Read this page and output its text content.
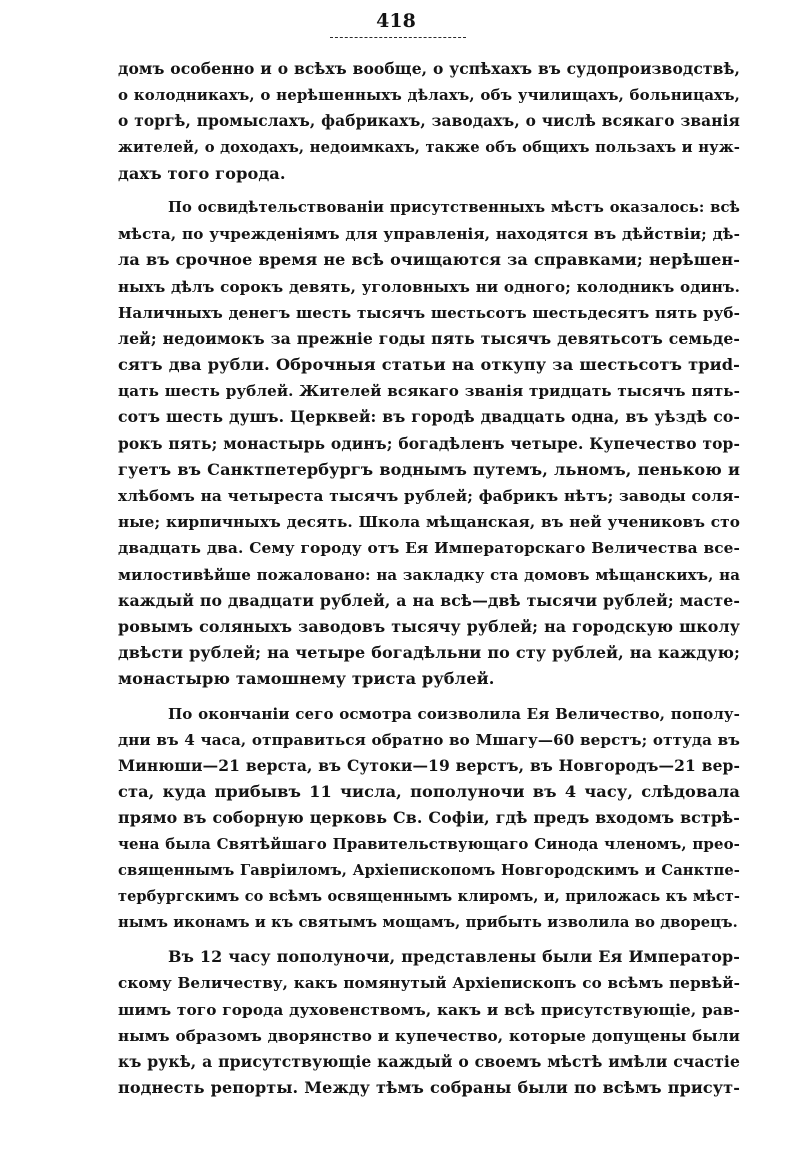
418
домъ особенно и о всѣхъ вообще, о успѣхахъ въ судопроизводствѣ,
о колодникахъ, о нерѣшенныхъ дѣлахъ, объ училищахъ, больницахъ,
о торгѣ, промыслахъ, фабрикахъ, заводахъ, о числѣ всякаго званія
жителей, о доходахъ, недоимкахъ, также объ общихъ пользахъ и нуж-
дахъ того города.
По освидѣтельствованіи присутственныхъ мѣстъ оказалось: всѣ
мѣста, по учрежденіямъ для управленія, находятся въ дѣйствіи; дѣ-
ла въ срочное время не всѣ очищаются за справками; нерѣшен-
ныхъ дѣлъ сорокъ девять, уголовныхъ ни одного; колодникъ одинъ.
Наличныхъ денегъ шесть тысячъ шестьсотъ шестьдесятъ пять руб-
лей; недоимокъ за прежніе годы пять тысячъ девятьсотъ семьде-
сятъ два рубли. Оброчныя статьи на откупу за шестьсотъ триd-
цать шесть рублей. Жителей всякаго званія тридцать тысячъ пять-
сотъ шесть душъ. Церквей: въ городѣ двадцать одна, въ уѣздѣ со-
рокъ пять; монастырь одинъ; богадѣленъ четыре. Купечество тор-
гуетъ въ Санктпетербургъ воднымъ путемъ, льномъ, пенькою и
хлѣбомъ на четыреста тысячъ рублей; фабрикъ нѣтъ; заводы соля-
ные; кирпичныхъ десять. Школа мѣщанская, въ ней учениковъ сто
двадцать два. Сему городу отъ Ея Императорскаго Величества все-
милостивѣйше пожаловано: на закладку ста домовъ мѣщанскихъ, на
каждый по двадцати рублей, а на всѣ—двѣ тысячи рублей; масте-
ровымъ соляныхъ заводовъ тысячу рублей; на городскую школу
двѣсти рублей; на четыре богадѣльни по сту рублей, на каждую;
монастырю тамошнему триста рублей.
По окончаніи сего осмотра соизволила Ея Величество, пополу-
дни въ 4 часа, отправиться обратно во Мшагу—60 верстъ; оттуда въ
Минюши—21 верста, въ Сутоки—19 верстъ, въ Новгородъ—21 вер-
ста, куда прибывъ 11 числа, пополуночи въ 4 часу, слѣдовала
прямо въ соборную церковь Св. Софіи, гдѣ предъ входомъ встрѣ-
чена была Святѣйшаго Правительствующаго Синода членомъ, прео-
священнымъ Гавріиломъ, Архіепископомъ Новгородскимъ и Санктпе-
тербургскимъ со всѣмъ освященнымъ клиромъ, и, приложась къ мѣст-
нымъ иконамъ и къ святымъ мощамъ, прибыть изволила во дворецъ.
Въ 12 часу пополуночи, представлены были Ея Император-
скому Величеству, какъ помянутый Архіепископъ со всѣмъ первѣй-
шимъ того города духовенствомъ, какъ и всѣ присутствующіе, рав-
нымъ образомъ дворянство и купечество, которые допущены были
къ рукѣ, а присутствующіе каждый о своемъ мѣстѣ имѣли счастіе
поднесть репорты. Между тѣмъ собраны были по всѣмъ присут-
